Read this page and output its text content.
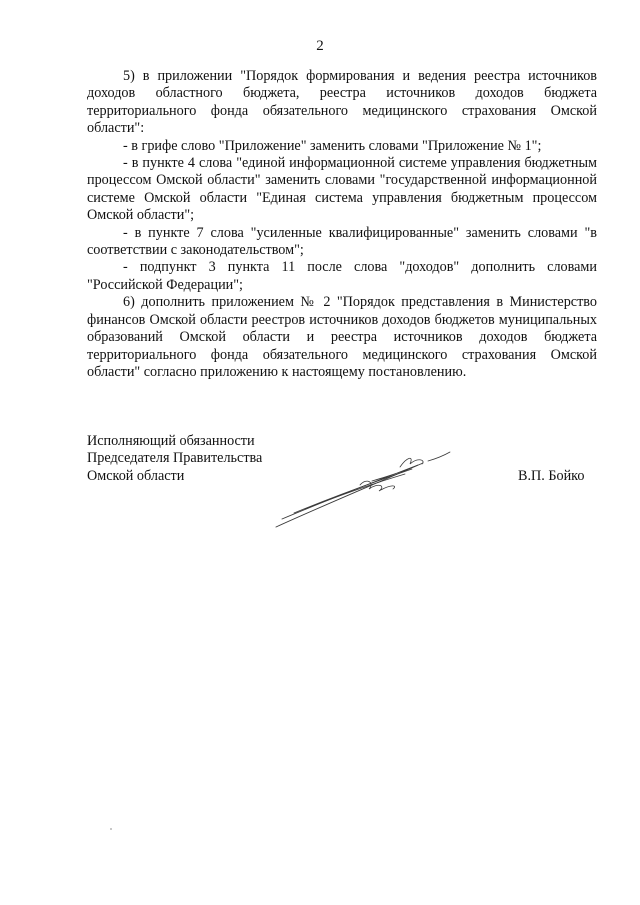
2

5) в приложении "Порядок формирования и ведения реестра источников доходов областного бюджета, реестра источников доходов бюджета территориального фонда обязательного медицинского страхования Омской области":

- в грифе слово "Приложение" заменить словами "Приложение № 1";

- в пункте 4 слова "единой информационной системе управления бюджетным процессом Омской области" заменить словами "государственной информационной системе Омской области "Единая система управления бюджетным процессом Омской области";

- в пункте 7 слова "усиленные квалифицированные" заменить словами "в соответствии с законодательством";

- подпункт 3 пункта 11 после слова "доходов" дополнить словами "Российской Федерации";

6) дополнить приложением № 2 "Порядок представления в Министерство финансов Омской области реестров источников доходов бюджетов муниципальных образований Омской области и реестра источников доходов бюджета территориального фонда обязательного медицинского страхования Омской области" согласно приложению к настоящему постановлению.

Исполняющий обязанности
Председателя Правительства
Омской области	В.П. Бойко
